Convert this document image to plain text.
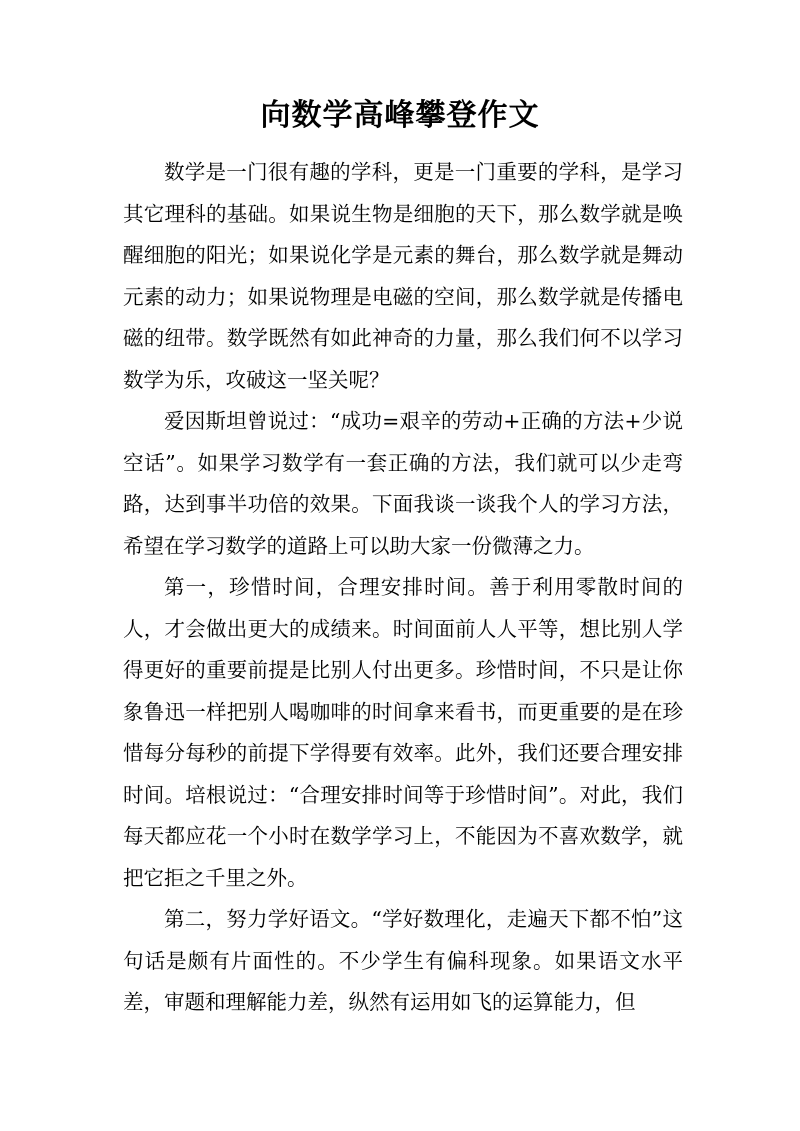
向数学高峰攀登作文

数学是一门很有趣的学科，更是一门重要的学科，是学习其它理科的基础。如果说生物是细胞的天下，那么数学就是唤醒细胞的阳光；如果说化学是元素的舞台，那么数学就是舞动元素的动力；如果说物理是电磁的空间，那么数学就是传播电磁的纽带。数学既然有如此神奇的力量，那么我们何不以学习数学为乐，攻破这一坚关呢？

爱因斯坦曾说过：“成功=艰辛的劳动+正确的方法+少说空话”。如果学习数学有一套正确的方法，我们就可以少走弯路，达到事半功倍的效果。下面我谈一谈我个人的学习方法，希望在学习数学的道路上可以助大家一份微薄之力。

第一，珍惜时间，合理安排时间。善于利用零散时间的人，才会做出更大的成绩来。时间面前人人平等，想比别人学得更好的重要前提是比别人付出更多。珍惜时间，不只是让你象鲁迅一样把别人喝咖啡的时间拿来看书，而更重要的是在珍惜每分每秒的前提下学得要有效率。此外，我们还要合理安排时间。培根说过：“合理安排时间等于珍惜时间”。对此，我们每天都应花一个小时在数学学习上，不能因为不喜欢数学，就把它拒之千里之外。

第二，努力学好语文。“学好数理化，走遍天下都不怕”这句话是颇有片面性的。不少学生有偏科现象。如果语文水平差，审题和理解能力差，纵然有运用如飞的运算能力，但
